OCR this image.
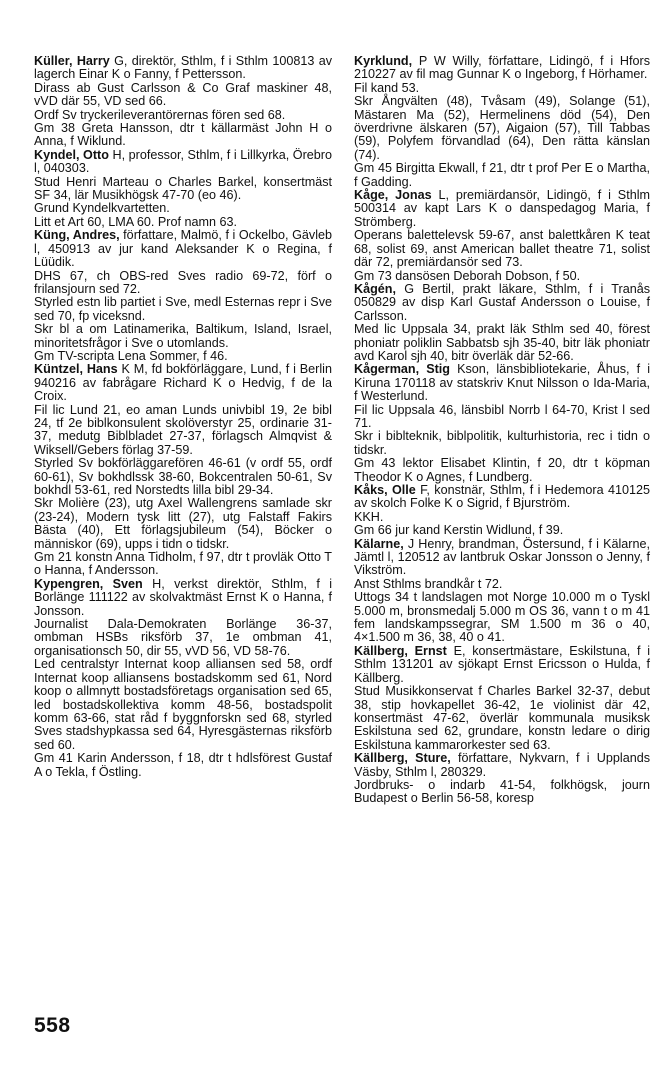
Küller, Harry G, direktör, Sthlm, f i Sthlm 100813 av lagerch Einar K o Fanny, f Pettersson.

Dirass ab Gust Carlsson & Co Graf maskiner 48, vVD där 55, VD sed 66.

Ordf Sv tryckerileverantörernas fören sed 68.

Gm 38 Greta Hansson, dtr t källarmäst John H o Anna, f Wiklund.

Kyndel, Otto H, professor, Sthlm, f i Lillkyrka, Örebro l, 040303.

Stud Henri Marteau o Charles Barkel, konsertmäst SF 34, lär Musikhögsk 47-70 (eo 46).

Grund Kyndelkvartetten.

Litt et Art 60, LMA 60. Prof namn 63.

Küng, Andres, författare, Malmö, f i Ockelbo, Gävleb l, 450913 av jur kand Aleksander K o Regina, f Lüüdik.

DHS 67, ch OBS-red Sves radio 69-72, förf o frilansjourn sed 72.

Styrled estn lib partiet i Sve, medl Esternas repr i Sve sed 70, fp viceksnd.

Skr bl a om Latinamerika, Baltikum, Island, Israel, minoritetsfrågor i Sve o utomlands.

Gm TV-scripta Lena Sommer, f 46.

Küntzel, Hans K M, fd bokförläggare, Lund, f i Berlin 940216 av fabrågare Richard K o Hedvig, f de la Croix.

Fil lic Lund 21, eo aman Lunds univbibl 19, 2e bibl 24, tf 2e biblkonsulent skolöverstyr 25, ordinarie 31-37, medutg Biblbladet 27-37, förlagsch Almqvist & Wiksell/Gebers förlag 37-59.

Styrled Sv bokförläggarefören 46-61 (v ordf 55, ordf 60-61), Sv bokhdlssk 38-60, Bokcentralen 50-61, Sv bokhdl 53-61, red Norstedts lilla bibl 29-34.

Skr Molière (23), utg Axel Wallengrens samlade skr (23-24), Modern tysk litt (27), utg Falstaff Fakirs Bästa (40), Ett förlagsjubileum (54), Böcker o människor (69), upps i tidn o tidskr.

Gm 21 konstn Anna Tidholm, f 97, dtr t provläk Otto T o Hanna, f Andersson.

Kypengren, Sven H, verkst direktör, Sthlm, f i Borlänge 111122 av skolvaktmäst Ernst K o Hanna, f Jonsson.

Journalist Dala-Demokraten Borlänge 36-37, ombman HSBs riksförb 37, 1e ombman 41, organisationsch 50, dir 55, vVD 56, VD 58-76.

Led centralstyr Internat koop alliansen sed 58, ordf Internat koop alliansens bostadskomm sed 61, Nord koop o allmnytt bostadsföretags organisation sed 65, led bostadskollektiva komm 48-56, bostadspolit komm 63-66, stat råd f byggnforskn sed 68, styrled Sves stadshypkassa sed 64, Hyresgästernas riksförb sed 60.

Gm 41 Karin Andersson, f 18, dtr t hdlsförest Gustaf A o Tekla, f Östling.

Kyrklund, P W Willy, författare, Lidingö, f i Hfors 210227 av fil mag Gunnar K o Ingeborg, f Hörhamer.

Fil kand 53.

Skr Ångvälten (48), Tvåsam (49), Solange (51), Mästaren Ma (52), Hermelinens död (54), Den överdrivne älskaren (57), Aigaion (57), Till Tabbas (59), Polyfem förvandlad (64), Den rätta känslan (74).

Gm 45 Birgitta Ekwall, f 21, dtr t prof Per E o Martha, f Gadding.

Kåge, Jonas L, premiärdansör, Lidingö, f i Sthlm 500314 av kapt Lars K o danspedagog Maria, f Strömberg.

Operans balettelevsk 59-67, anst balettkåren K teat 68, solist 69, anst American ballet theatre 71, solist där 72, premiärdansör sed 73.

Gm 73 dansösen Deborah Dobson, f 50.

Kågén, G Bertil, prakt läkare, Sthlm, f i Tranås 050829 av disp Karl Gustaf Andersson o Louise, f Carlsson.

Med lic Uppsala 34, prakt läk Sthlm sed 40, förest phoniatr poliklin Sabbatsb sjh 35-40, bitr läk phoniatr avd Karol sjh 40, bitr överläk där 52-66.

Kågerman, Stig Kson, länsbibliotekarie, Åhus, f i Kiruna 170118 av statskriv Knut Nilsson o Ida-Maria, f Westerlund.

Fil lic Uppsala 46, länsbibl Norrb l 64-70, Krist l sed 71.

Skr i biblteknik, biblpolitik, kulturhistoria, rec i tidn o tidskr.

Gm 43 lektor Elisabet Klintin, f 20, dtr t köpman Theodor K o Agnes, f Lundberg.

Kåks, Olle F, konstnär, Sthlm, f i Hedemora 410125 av skolch Folke K o Sigrid, f Bjurström.

KKH.

Gm 66 jur kand Kerstin Widlund, f 39.

Kälarne, J Henry, brandman, Östersund, f i Kälarne, Jämtl l, 120512 av lantbruk Oskar Jonsson o Jenny, f Vikström.

Anst Sthlms brandkår t 72.

Uttogs 34 t landslagen mot Norge 10.000 m o Tyskl 5.000 m, bronsmedalj 5.000 m OS 36, vann t o m 41 fem landskampssegrar, SM 1.500 m 36 o 40, 4×1.500 m 36, 38, 40 o 41.

Källberg, Ernst E, konsertmästare, Eskilstuna, f i Sthlm 131201 av sjökapt Ernst Ericsson o Hulda, f Källberg.

Stud Musikkonservat f Charles Barkel 32-37, debut 38, stip hovkapellet 36-42, 1e violinist där 42, konsertmäst 47-62, överlär kommunala musiksk Eskilstuna sed 62, grundare, konstn ledare o dirig Eskilstuna kammarorkester sed 63.

Källberg, Sture, författare, Nykvarn, f i Upplands Väsby, Sthlm l, 280329.

Jordbruks- o indarb 41-54, folkhögsk, journ Budapest o Berlin 56-58, koresp

558
